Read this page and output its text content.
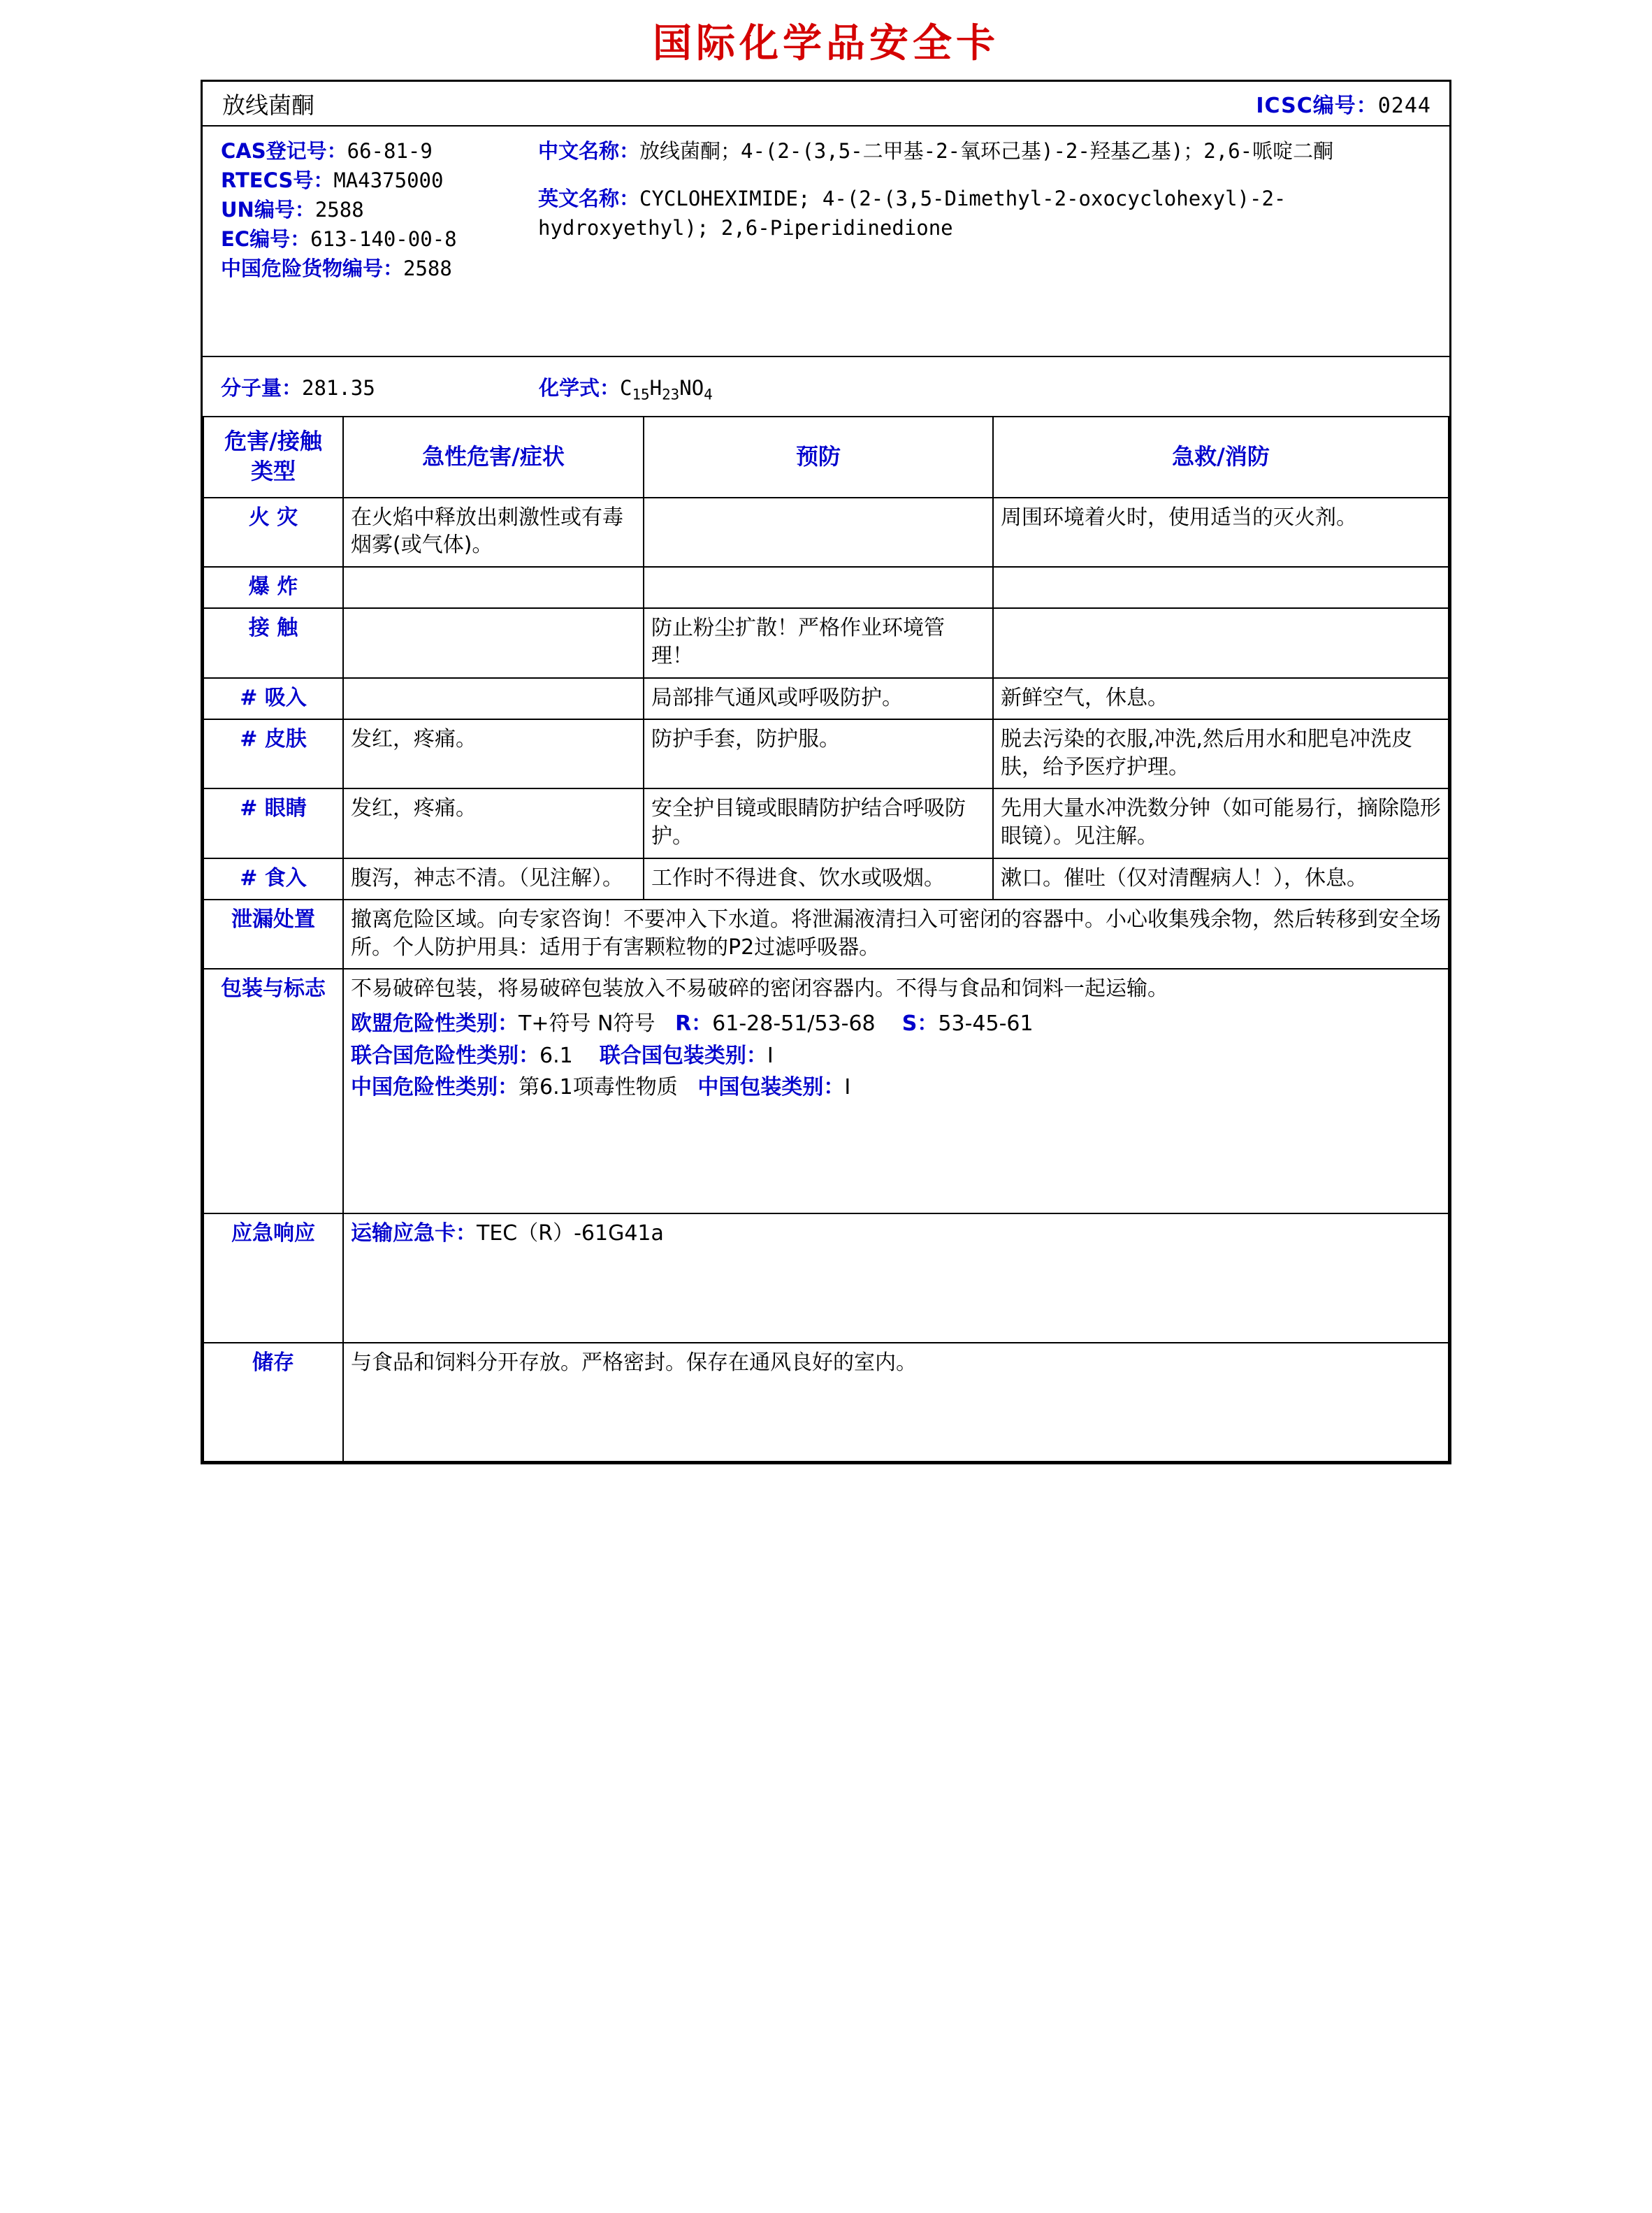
国际化学品安全卡
放线菌酮	ICSC编号：0244
CAS登记号：66-81-9
RTECS号：MA4375000
UN编号：2588
EC编号：613-140-00-8
中国危险货物编号：2588
中文名称：放线菌酮；4-(2-(3,5-二甲基-2-氧环己基)-2-羟基乙基)；2,6-哌啶二酮
英文名称：CYCLOHEXIMIDE; 4-(2-(3,5-Dimethyl-2-oxocyclohexyl)-2-hydroxyethyl); 2,6-Piperidinedione
分子量：281.35	化学式：$C_{15}H_{23}NO_4$
危害/接触
类型	急性危害/症状	预防	急救/消防
火 灾	在火焰中释放出刺激性或有毒烟雾(或气体)。		周围环境着火时，使用适当的灭火剂。
爆 炸			
接 触		防止粉尘扩散！严格作业环境管理！	
# 吸入		局部排气通风或呼吸防护。	新鲜空气，休息。
# 皮肤	发红，疼痛。	防护手套，防护服。	脱去污染的衣服,冲洗,然后用水和肥皂冲洗皮肤，给予医疗护理。
# 眼睛	发红，疼痛。	安全护目镜或眼睛防护结合呼吸防护。	先用大量水冲洗数分钟（如可能易行，摘除隐形眼镜）。见注解。
# 食入	腹泻，神志不清。（见注解）。	工作时不得进食、饮水或吸烟。	漱口。催吐（仅对清醒病人！），休息。
泄漏处置	撤离危险区域。向专家咨询！不要冲入下水道。将泄漏液清扫入可密闭的容器中。小心收集残余物，然后转移到安全场所。个人防护用具：适用于有害颗粒物的P2过滤呼吸器。		
包装与标志	不易破碎包装，将易破碎包装放入不易破碎的密闭容器内。不得与食品和饲料一起运输。
欧盟危险性类别：T+符号 N符号 R：61-28-51/53-68 S：53-45-61
联合国危险性类别：6.1 联合国包装类别：I
中国危险性类别：第6.1项毒性物质 中国包装类别：I		

应急响应	运输应急卡：TEC（R）-61G41a		
储存	与食品和饲料分开存放。严格密封。保存在通风良好的室内。		
